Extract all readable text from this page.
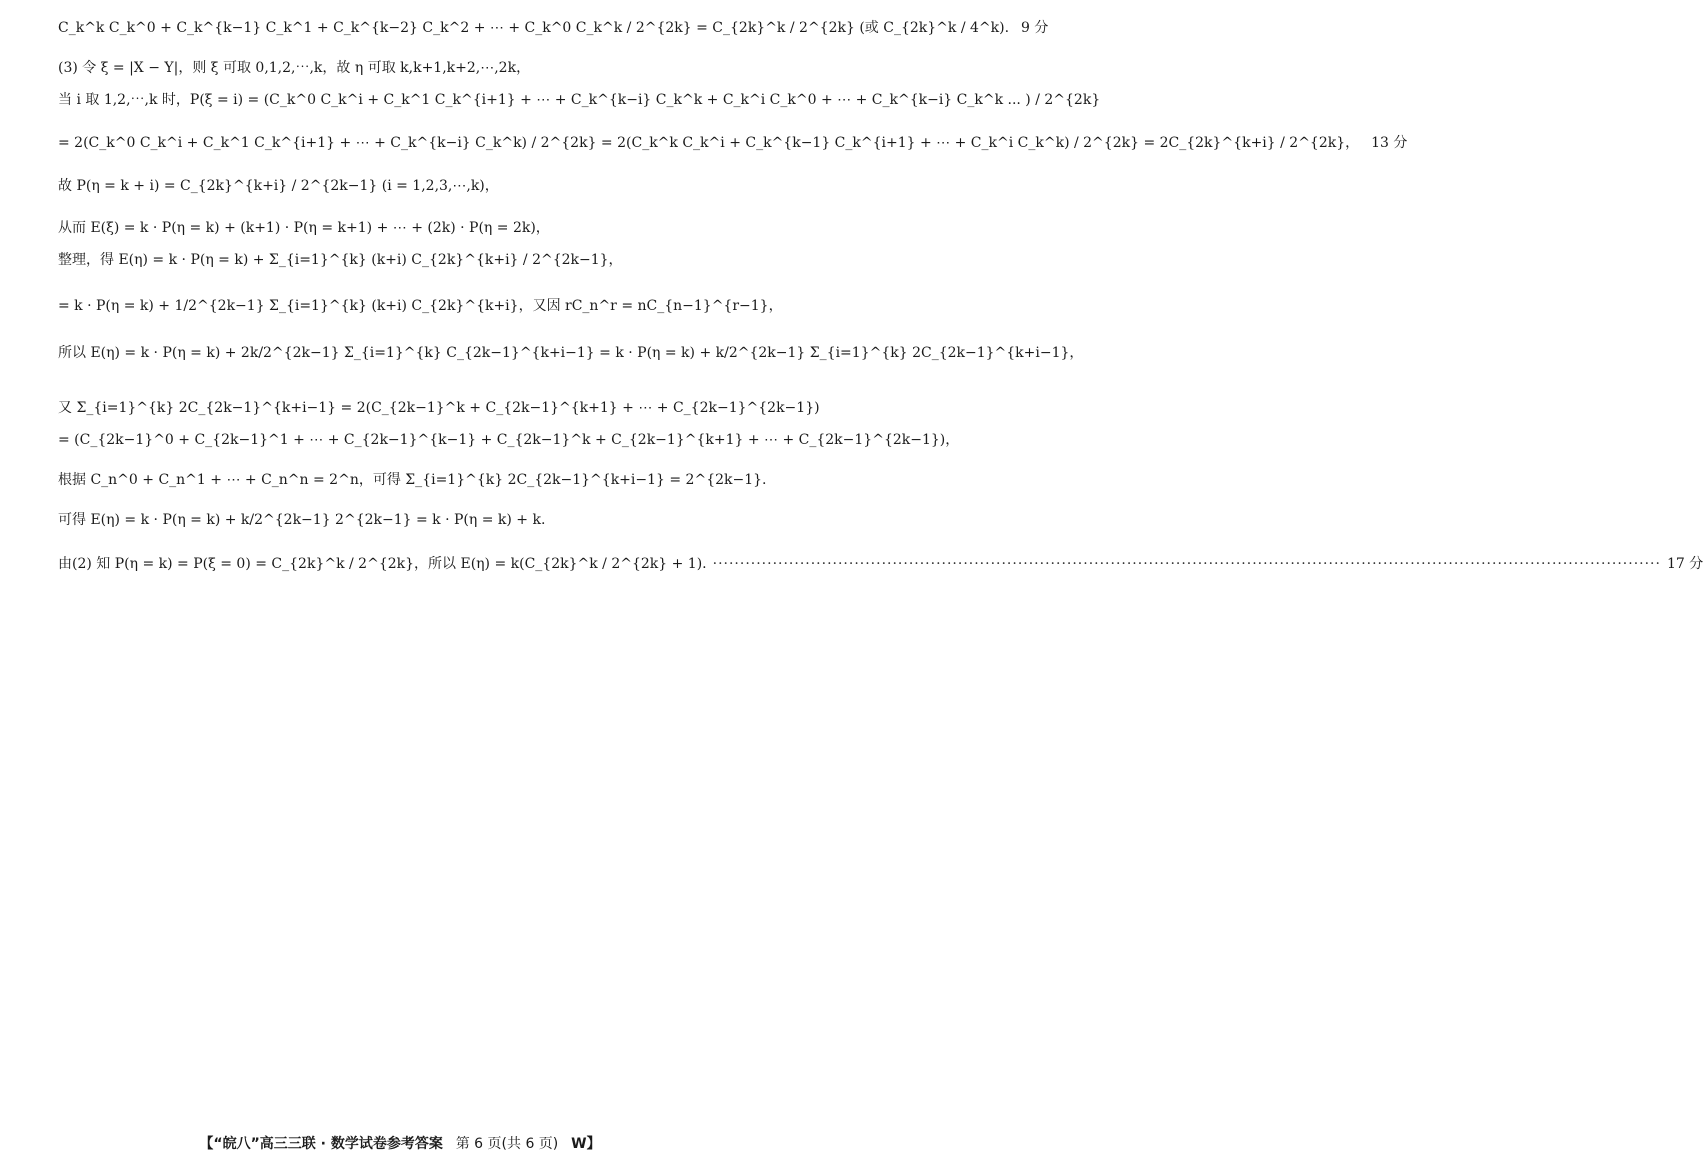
C_k^k C_k^0 + C_k^{k−1} C_k^1 + C_k^{k−2} C_k^2 + ⋯ + C_k^0 C_k^k / 2^{2k} = C_{2k}^k / 2^{2k} (或 C_{2k}^k / 4^k). 9 分
(3) 令 ξ = |X − Y|，则 ξ 可取 0,1,2,⋯,k，故 η 可取 k,k+1,k+2,⋯,2k，
当 i 取 1,2,⋯,k 时，P(ξ = i) = (C_k^0 C_k^i + C_k^1 C_k^{i+1} + ⋯ + C_k^{k−i} C_k^k + C_k^i C_k^0 + ⋯ + C_k^{k−i} C_k^k ... ) / 2^{2k}
= 2(C_k^0 C_k^i + C_k^1 C_k^{i+1} + ⋯ + C_k^{k−i} C_k^k) / 2^{2k} = 2(C_k^k C_k^i + C_k^{k−1} C_k^{i+1} + ⋯ + C_k^i C_k^k) / 2^{2k} = 2C_{2k}^{k+i} / 2^{2k}， 13 分
故 P(η = k + i) = C_{2k}^{k+i} / 2^{2k−1} (i = 1,2,3,⋯,k)，
从而 E(ξ) = k · P(η = k) + (k+1) · P(η = k+1) + ⋯ + (2k) · P(η = 2k)，
整理，得 E(η) = k · P(η = k) + Σ_{i=1}^{k} (k+i) C_{2k}^{k+i} / 2^{2k−1}，
= k · P(η = k) + 1/2^{2k−1} Σ_{i=1}^{k} (k+i) C_{2k}^{k+i}，又因 rC_n^r = nC_{n−1}^{r−1}，
所以 E(η) = k · P(η = k) + 2k/2^{2k−1} Σ_{i=1}^{k} C_{2k−1}^{k+i−1} = k · P(η = k) + k/2^{2k−1} Σ_{i=1}^{k} 2C_{2k−1}^{k+i−1}，
又 Σ_{i=1}^{k} 2C_{2k−1}^{k+i−1} = 2(C_{2k−1}^k + C_{2k−1}^{k+1} + ⋯ + C_{2k−1}^{2k−1})
= (C_{2k−1}^0 + C_{2k−1}^1 + ⋯ + C_{2k−1}^{k−1} + C_{2k−1}^k + C_{2k−1}^{k+1} + ⋯ + C_{2k−1}^{2k−1})，
根据 C_n^0 + C_n^1 + ⋯ + C_n^n = 2^n，可得 Σ_{i=1}^{k} 2C_{2k−1}^{k+i−1} = 2^{2k−1}.
可得 E(η) = k · P(η = k) + k/2^{2k−1} 2^{2k−1} = k · P(η = k) + k.
由(2) 知 P(η = k) = P(ξ = 0) = C_{2k}^k / 2^{2k}，所以 E(η) = k(C_{2k}^k / 2^{2k} + 1).
·····	17 分
【“皖八”高三三联 · 数学试卷参考答案 第 6 页(共 6 页) W】
